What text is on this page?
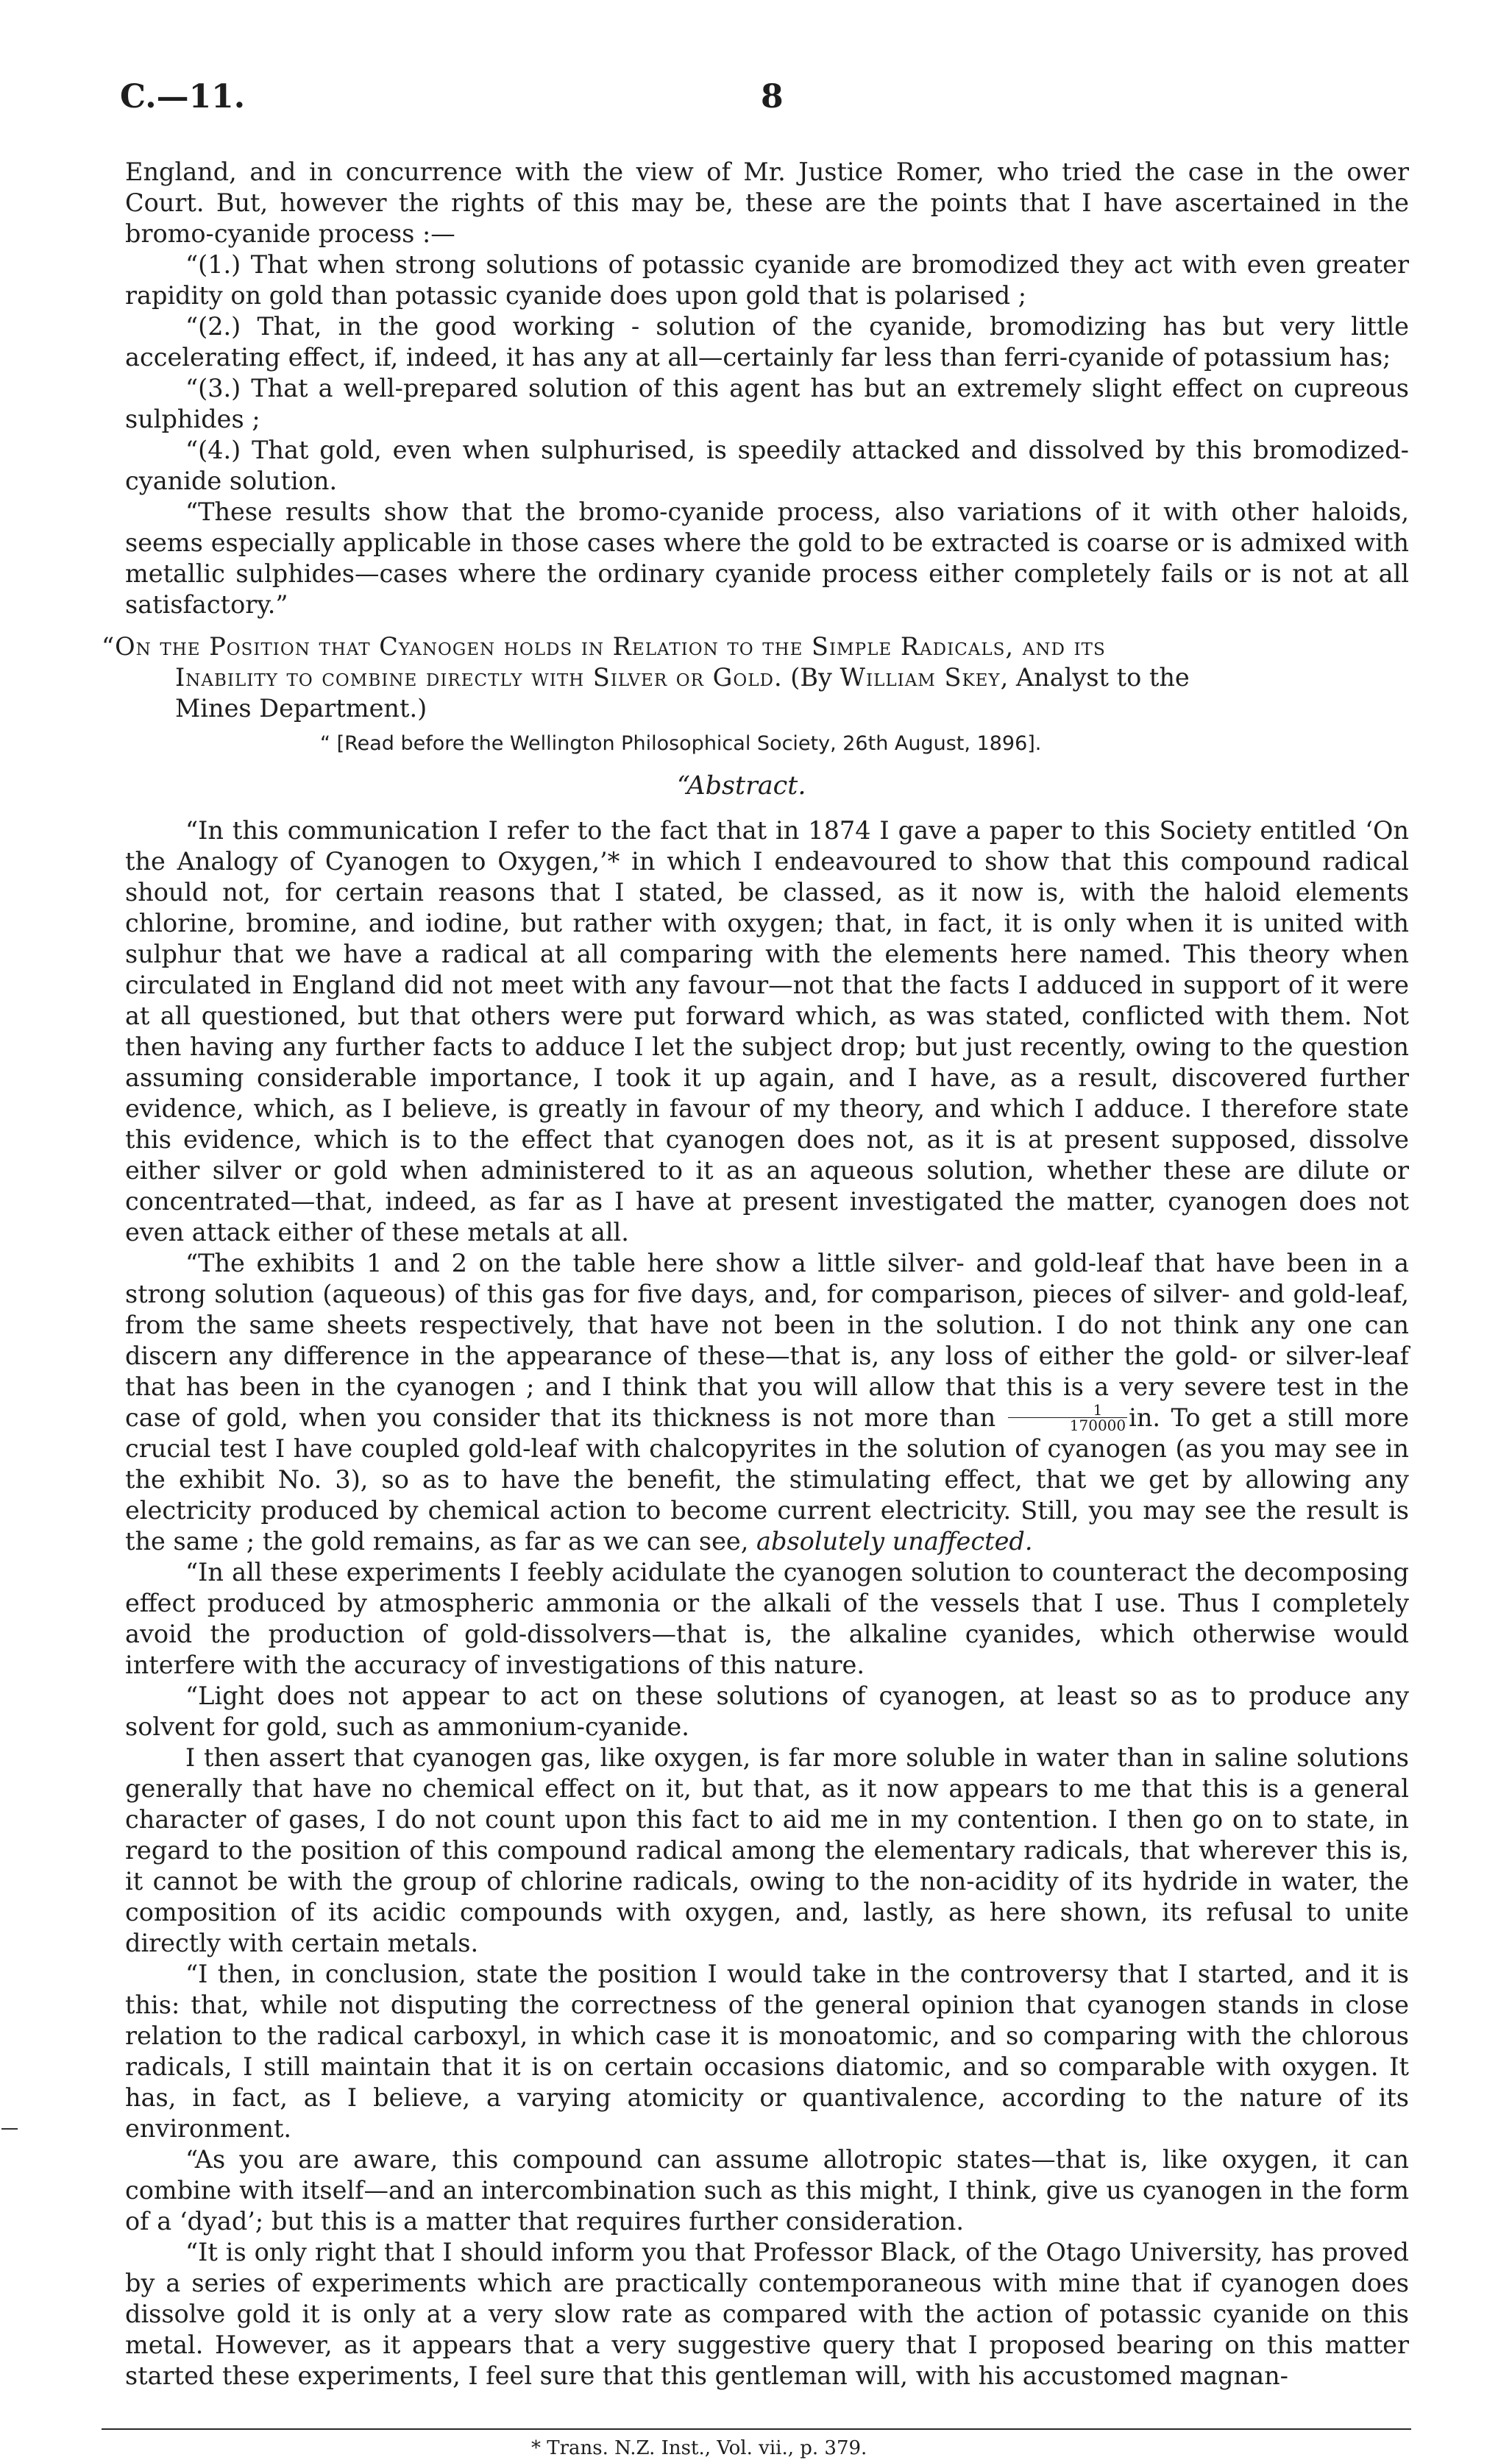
C.—11.	8

England, and in concurrence with the view of Mr. Justice Romer, who tried the case in the ower Court. But, however the rights of this may be, these are the points that I have ascertained in the bromo-cyanide process :—

“(1.) That when strong solutions of potassic cyanide are bromodized they act with even greater rapidity on gold than potassic cyanide does upon gold that is polarised ;

“(2.) That, in the good working - solution of the cyanide, bromodizing has but very little accelerating effect, if, indeed, it has any at all—certainly far less than ferri-cyanide of potassium has;

“(3.) That a well-prepared solution of this agent has but an extremely slight effect on cupreous sulphides ;

“(4.) That gold, even when sulphurised, is speedily attacked and dissolved by this bromodized-cyanide solution.

“These results show that the bromo-cyanide process, also variations of it with other haloids, seems especially applicable in those cases where the gold to be extracted is coarse or is admixed with metallic sulphides—cases where the ordinary cyanide process either completely fails or is not at all satisfactory.”

“On the Position that Cyanogen holds in Relation to the Simple Radicals, and its
Inability to combine directly with Silver or Gold. (By William Skey, Analyst to the
Mines Department.)
“ [Read before the Wellington Philosophical Society, 26th August, 1896].
“Abstract.

“In this communication I refer to the fact that in 1874 I gave a paper to this Society entitled ‘On the Analogy of Cyanogen to Oxygen,’* in which I endeavoured to show that this compound radical should not, for certain reasons that I stated, be classed, as it now is, with the haloid elements chlorine, bromine, and iodine, but rather with oxygen; that, in fact, it is only when it is united with sulphur that we have a radical at all comparing with the elements here named. This theory when circulated in England did not meet with any favour—not that the facts I adduced in support of it were at all questioned, but that others were put forward which, as was stated, conflicted with them. Not then having any further facts to adduce I let the subject drop; but just recently, owing to the question assuming considerable importance, I took it up again, and I have, as a result, discovered further evidence, which, as I believe, is greatly in favour of my theory, and which I adduce. I therefore state this evidence, which is to the effect that cyanogen does not, as it is at present supposed, dissolve either silver or gold when administered to it as an aqueous solution, whether these are dilute or concentrated—that, indeed, as far as I have at present investigated the matter, cyanogen does not even attack either of these metals at all.

“The exhibits 1 and 2 on the table here show a little silver- and gold-leaf that have been in a strong solution (aqueous) of this gas for five days, and, for comparison, pieces of silver- and gold-leaf, from the same sheets respectively, that have not been in the solution. I do not think any one can discern any difference in the appearance of these—that is, any loss of either the gold- or silver-leaf that has been in the cyanogen ; and I think that you will allow that this is a very severe test in the case of gold, when you consider that its thickness is not more than $\frac{1}{170000}$ in. To get a still more crucial test I have coupled gold-leaf with chalcopyrites in the solution of cyanogen (as you may see in the exhibit No. 3), so as to have the benefit, the stimulating effect, that we get by allowing any electricity produced by chemical action to become current electricity. Still, you may see the result is the same ; the gold remains, as far as we can see, absolutely unaffected.

“In all these experiments I feebly acidulate the cyanogen solution to counteract the decomposing effect produced by atmospheric ammonia or the alkali of the vessels that I use. Thus I completely avoid the production of gold-dissolvers—that is, the alkaline cyanides, which otherwise would interfere with the accuracy of investigations of this nature.

“Light does not appear to act on these solutions of cyanogen, at least so as to produce any solvent for gold, such as ammonium-cyanide.

I then assert that cyanogen gas, like oxygen, is far more soluble in water than in saline solutions generally that have no chemical effect on it, but that, as it now appears to me that this is a general character of gases, I do not count upon this fact to aid me in my contention. I then go on to state, in regard to the position of this compound radical among the elementary radicals, that wherever this is, it cannot be with the group of chlorine radicals, owing to the non-acidity of its hydride in water, the composition of its acidic compounds with oxygen, and, lastly, as here shown, its refusal to unite directly with certain metals.

“I then, in conclusion, state the position I would take in the controversy that I started, and it is this: that, while not disputing the correctness of the general opinion that cyanogen stands in close relation to the radical carboxyl, in which case it is monoatomic, and so comparing with the chlorous radicals, I still maintain that it is on certain occasions diatomic, and so comparable with oxygen. It has, in fact, as I believe, a varying atomicity or quantivalence, according to the nature of its environment.

“As you are aware, this compound can assume allotropic states—that is, like oxygen, it can combine with itself—and an intercombination such as this might, I think, give us cyanogen in the form of a ‘dyad’; but this is a matter that requires further consideration.

“It is only right that I should inform you that Professor Black, of the Otago University, has proved by a series of experiments which are practically contemporaneous with mine that if cyanogen does dissolve gold it is only at a very slow rate as compared with the action of potassic cyanide on this metal. However, as it appears that a very suggestive query that I proposed bearing on this matter started these experiments, I feel sure that this gentleman will, with his accustomed magnan-

* Trans. N.Z. Inst., Vol. vii., p. 379.
